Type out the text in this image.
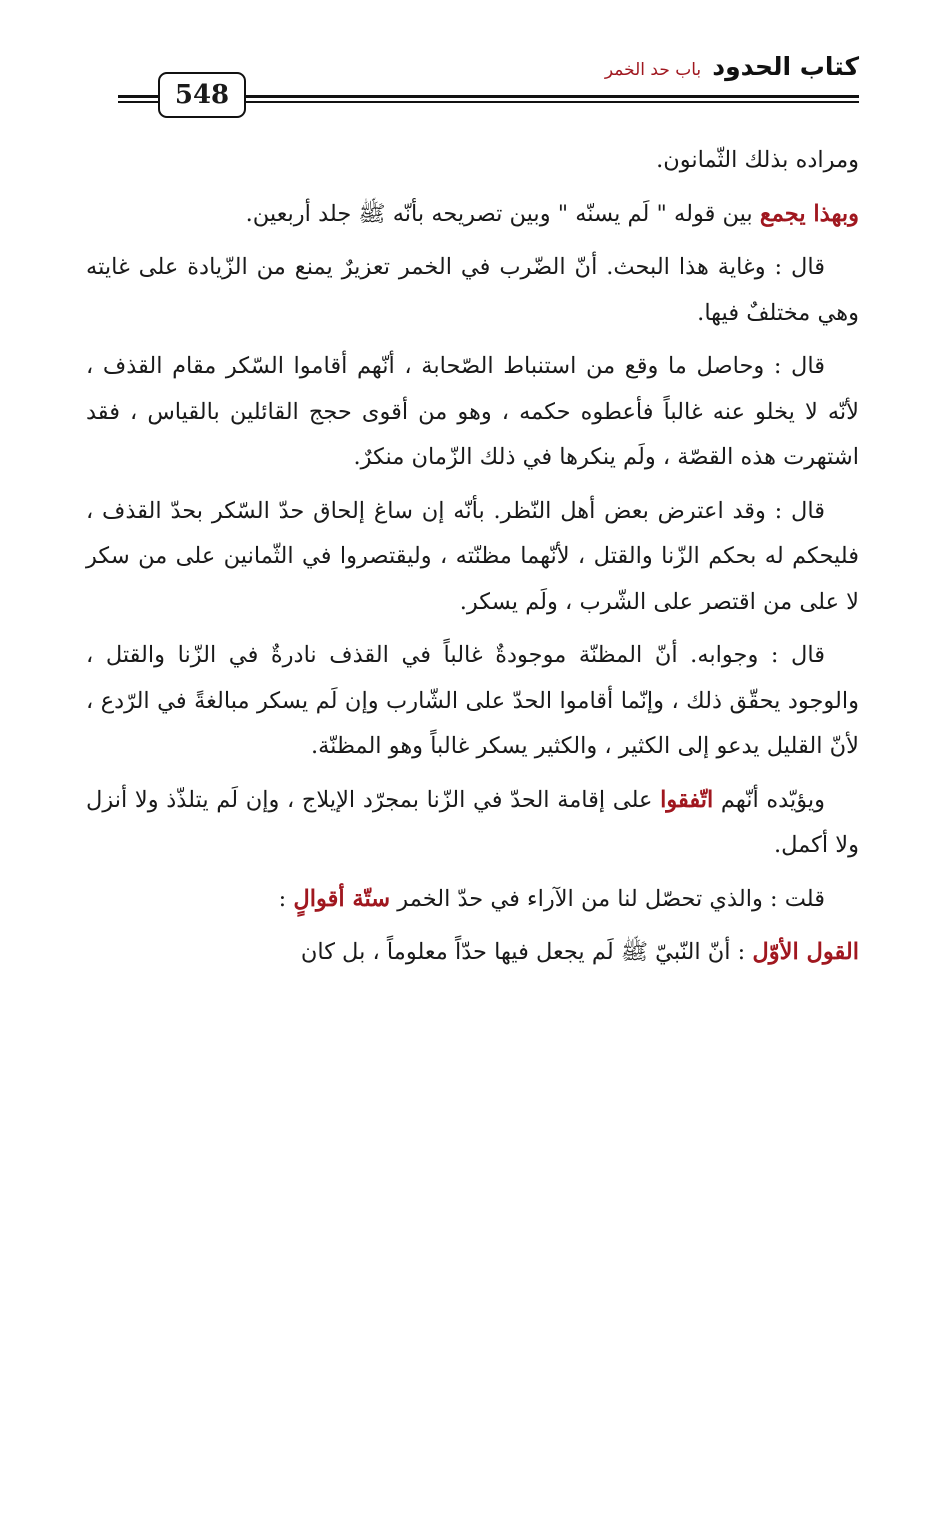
كتاب الحدود باب حد الخمر
548

ومراده بذلك الثّمانون.

وبهذا يجمع بين قوله " لَم يسنّه " وبين تصريحه بأنّه ﷺ جلد أربعين.

قال : وغاية هذا البحث. أنّ الضّرب في الخمر تعزيرٌ يمنع من الزّيادة على غايته وهي مختلفٌ فيها.

قال : وحاصل ما وقع من استنباط الصّحابة ، أنّهم أقاموا السّكر مقام القذف ، لأنّه لا يخلو عنه غالباً فأعطوه حكمه ، وهو من أقوى حجج القائلين بالقياس ، فقد اشتهرت هذه القصّة ، ولَم ينكرها في ذلك الزّمان منكرٌ.

قال : وقد اعترض بعض أهل النّظر. بأنّه إن ساغ إلحاق حدّ السّكر بحدّ القذف ، فليحكم له بحكم الزّنا والقتل ، لأنّهما مظنّته ، وليقتصروا في الثّمانين على من سكر لا على من اقتصر على الشّرب ، ولَم يسكر.

قال : وجوابه. أنّ المظنّة موجودةٌ غالباً في القذف نادرةٌ في الزّنا والقتل ، والوجود يحقّق ذلك ، وإنّما أقاموا الحدّ على الشّارب وإن لَم يسكر مبالغةً في الرّدع ، لأنّ القليل يدعو إلى الكثير ، والكثير يسكر غالباً وهو المظنّة.

ويؤيّده أنّهم اتّفقوا على إقامة الحدّ في الزّنا بمجرّد الإيلاج ، وإن لَم يتلذّذ ولا أنزل ولا أكمل.

قلت : والذي تحصّل لنا من الآراء في حدّ الخمر ستّة أقوالٍ :

القول الأوّل : أنّ النّبيّ ﷺ لَم يجعل فيها حدّاً معلوماً ، بل كان
